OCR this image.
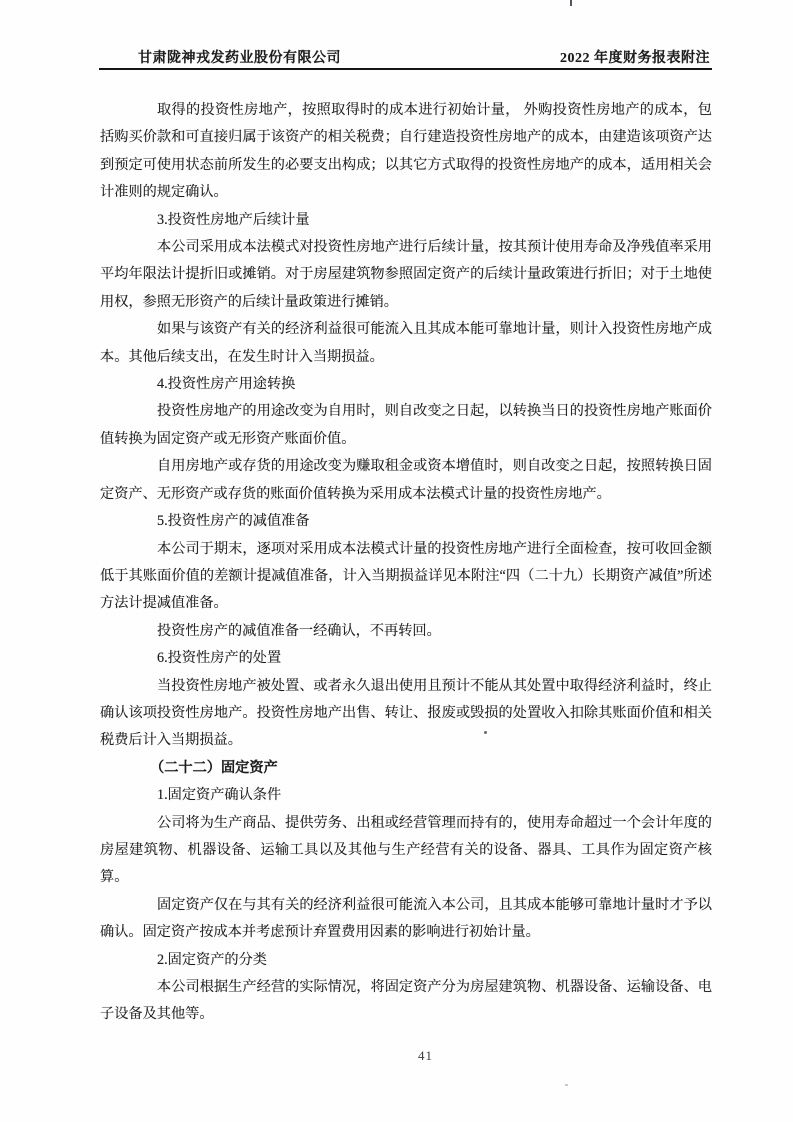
甘肃陇神戎发药业股份有限公司	2022 年度财务报表附注

取得的投资性房地产，按照取得时的成本进行初始计量， 外购投资性房地产的成本，包括购买价款和可直接归属于该资产的相关税费；自行建造投资性房地产的成本，由建造该项资产达到预定可使用状态前所发生的必要支出构成；以其它方式取得的投资性房地产的成本，适用相关会计准则的规定确认。

3.投资性房地产后续计量

本公司采用成本法模式对投资性房地产进行后续计量，按其预计使用寿命及净残值率采用平均年限法计提折旧或摊销。对于房屋建筑物参照固定资产的后续计量政策进行折旧；对于土地使用权，参照无形资产的后续计量政策进行摊销。

如果与该资产有关的经济利益很可能流入且其成本能可靠地计量，则计入投资性房地产成本。其他后续支出，在发生时计入当期损益。

4.投资性房产用途转换

投资性房地产的用途改变为自用时，则自改变之日起，以转换当日的投资性房地产账面价值转换为固定资产或无形资产账面价值。

自用房地产或存货的用途改变为赚取租金或资本增值时，则自改变之日起，按照转换日固定资产、无形资产或存货的账面价值转换为采用成本法模式计量的投资性房地产。

5.投资性房产的减值准备

本公司于期末，逐项对采用成本法模式计量的投资性房地产进行全面检查，按可收回金额低于其账面价值的差额计提减值准备，计入当期损益详见本附注“四（二十九）长期资产减值”所述方法计提减值准备。

投资性房产的减值准备一经确认，不再转回。

6.投资性房产的处置

当投资性房地产被处置、或者永久退出使用且预计不能从其处置中取得经济利益时，终止确认该项投资性房地产。投资性房地产出售、转让、报废或毁损的处置收入扣除其账面价值和相关税费后计入当期损益。

（二十二）固定资产

1.固定资产确认条件

公司将为生产商品、提供劳务、出租或经营管理而持有的，使用寿命超过一个会计年度的房屋建筑物、机器设备、运输工具以及其他与生产经营有关的设备、器具、工具作为固定资产核算。

固定资产仅在与其有关的经济利益很可能流入本公司，且其成本能够可靠地计量时才予以确认。固定资产按成本并考虑预计弃置费用因素的影响进行初始计量。

2.固定资产的分类

本公司根据生产经营的实际情况，将固定资产分为房屋建筑物、机器设备、运输设备、电子设备及其他等。

41
